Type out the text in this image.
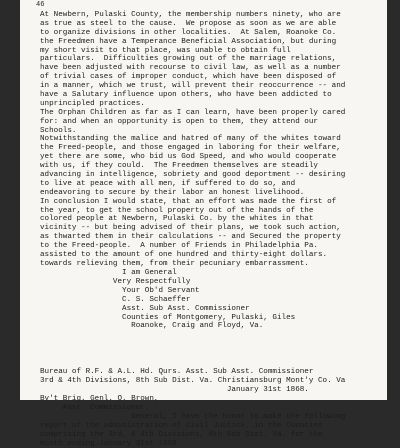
46
At Newbern, Pulaski County, the membership numbers ninety, who are
as true as steel to the cause.  We propose as soon as we are able
to organize divisions in other localities.  At Salem, Roanoke Co.
the Freedmen have a Temperance Beneficial Association, but during
my short visit to that place, was unable to obtain full
particulars.  Difficulties growing out of the marriage relations,
have been adjusted with recourse to civil law, as well as a number
of trivial cases of improper conduct, which have been disposed of
in a manner, which we trust, will prevent their reoccurrence -- and
have a Salutary influence upon others, who have been addicted to
unprincipled practices.
The Orphan Children as far as I can learn, have been properly cared
for: and when an opportunity is open to them, they attend our
Schools.
Notwithstanding the malice and hatred of many of the whites toward
the Freed-people, and those engaged in laboring for their welfare,
yet there are some, who bid us God Speed, and who would cooperate
with us, if they could.  The Freedmen themselves are steadily
advancing in intelligence, sobriety and good deportment -- desiring
to live at peace with all men, if suffered to do so, and
endeavoring to secure by their labor an honest livelihood.
In conclusion I would state, that an effort was made the first of
the year, to get the school property out of the hands of the
colored people at Newbern, Pulaski Co. by the whites in that
vicinity -- but being advised of their plans, we took such action,
as thwarted them in their calculations -- and Secured the property
to the Freed-people.  A number of Friends in Philadelphia Pa.
assisted to the amount of one hundred and thirty-eight dollars.
towards relieving them, from their pecuniary embarrassment.
I am General
Very Respectfully
Your Ob'd Servant
C. S. Schaeffer
Asst. Sub Asst. Commissioner
Counties of Montgomery, Pulaski, Giles
Roanoke, Craig and Floyd, Va.
Bureau of R.F. & A.L. Hd. Qurs. Asst. Sub Asst. Commissioner
3rd & 4th Divisions, 8th Sub Dist. Va. Christiansburg Mont'y Co. Va
January 31st 1868.
Bv't Brig. Genl. O. Brown,
Asst. Commissioner.
General, I have the honor to make the following
report of the administration of Civil Justice, in the Counties
comprising the 3rd, & 4th Divisions, 8th Sub Dist. Va. for the
month ending January 31st 1868.
